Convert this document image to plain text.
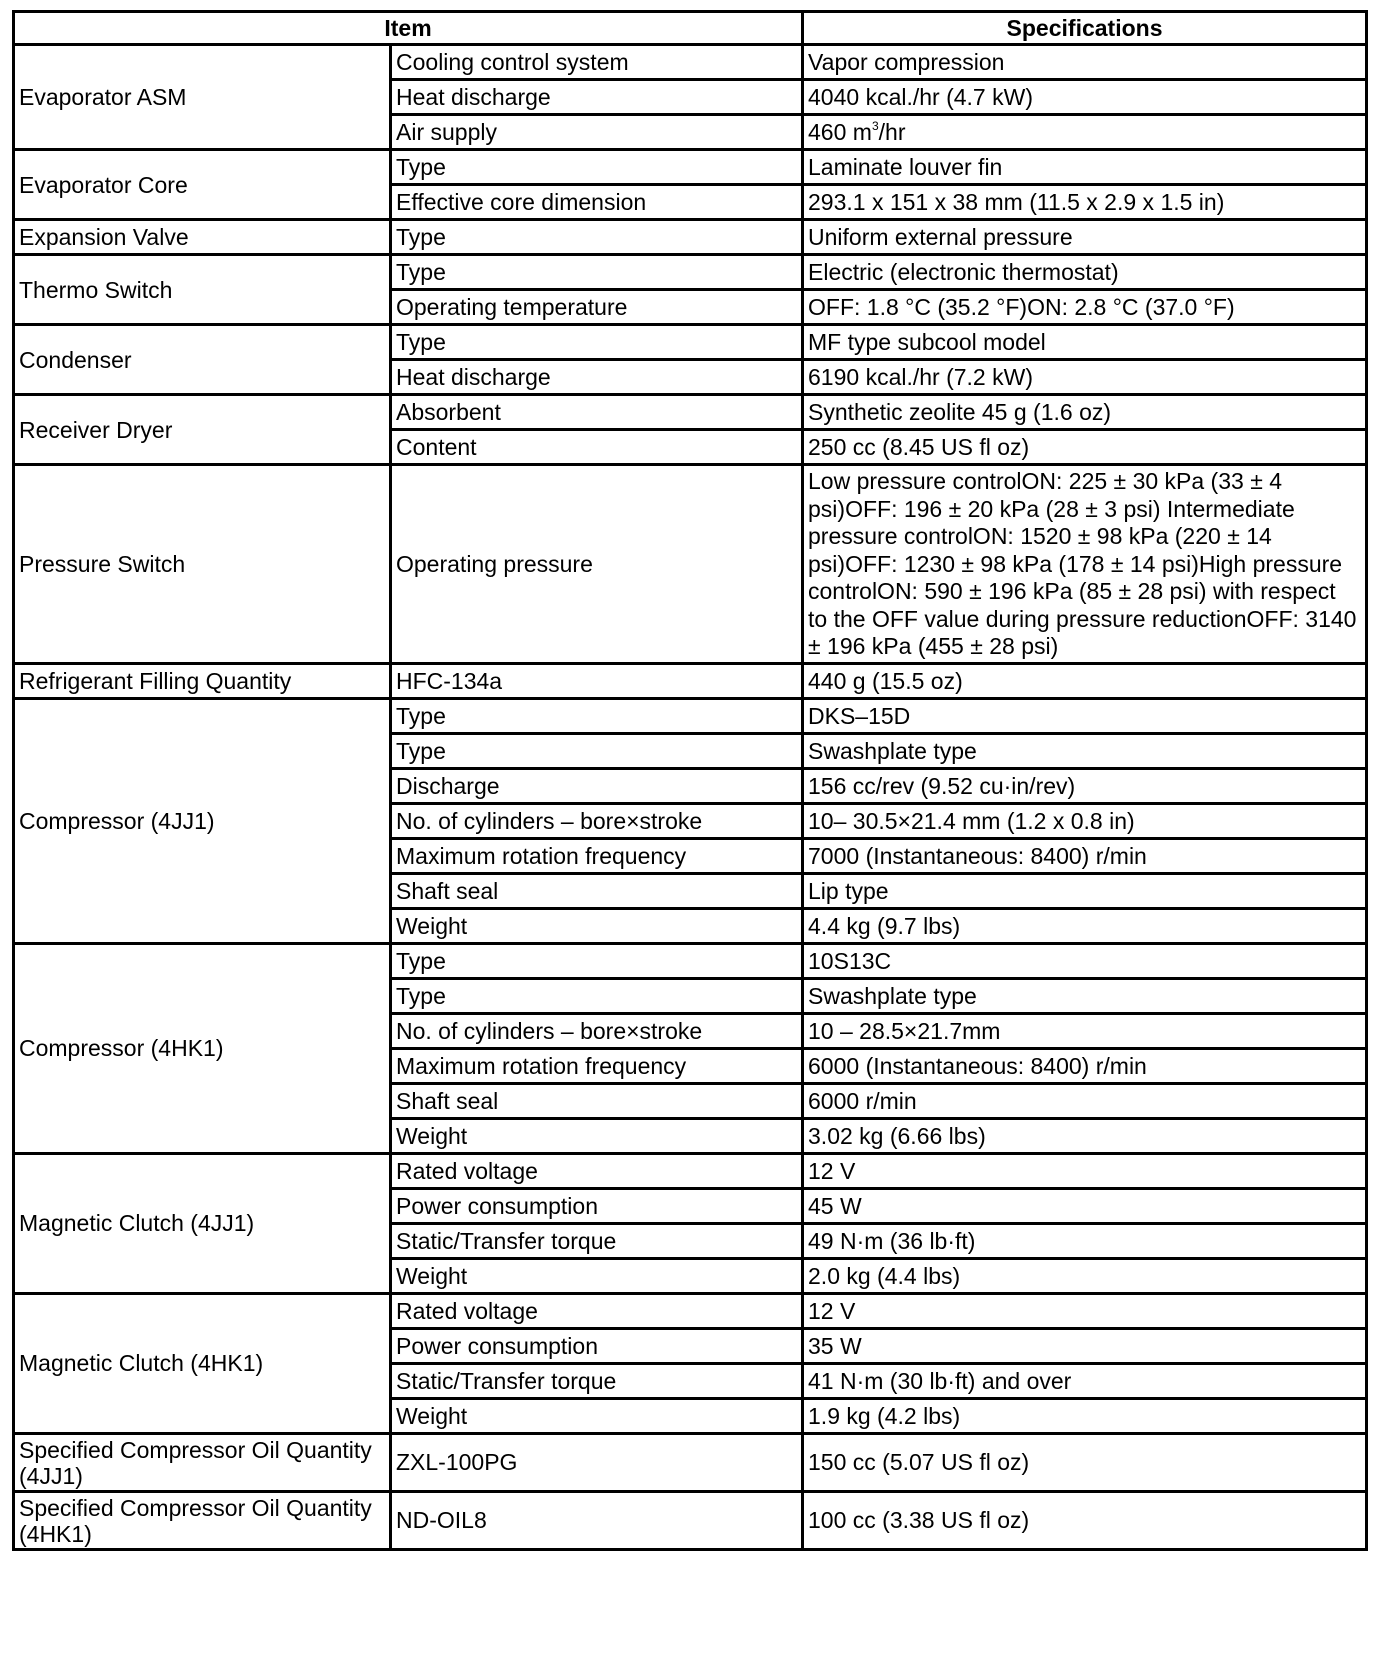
Item		Specifications
Evaporator ASM	Cooling control system	Vapor compression
	Heat discharge	4040 kcal./hr (4.7 kW)
	Air supply	460 $m^3/hr$
Evaporator Core	Type	Laminate louver fin
	Effective core dimension	293.1 x 151 x 38 mm (11.5 x 2.9 x 1.5 in)
Expansion Valve	Type	Uniform external pressure
Thermo Switch	Type	Electric (electronic thermostat)
	Operating temperature	OFF: 1.8 °C (35.2 °F)ON: 2.8 °C (37.0 °F)
Condenser	Type	MF type subcool model
	Heat discharge	6190 kcal./hr (7.2 kW)
Receiver Dryer	Absorbent	Synthetic zeolite 45 g (1.6 oz)
	Content	250 cc (8.45 US fl oz)
Pressure Switch	Operating pressure	Low pressure controlON: 225 ± 30 kPa (33 ± 4 psi)OFF: 196 ± 20 kPa (28 ± 3 psi) Intermediate pressure controlON: 1520 ± 98 kPa (220 ± 14 psi)OFF: 1230 ± 98 kPa (178 ± 14 psi)High pressure controlON: 590 ± 196 kPa (85 ± 28 psi) with respect to the OFF value during pressure reductionOFF: 3140 ± 196 kPa (455 ± 28 psi)
Refrigerant Filling Quantity	HFC-134a	440 g (15.5 oz)
Compressor (4JJ1)	Type	DKS–15D
	Type	Swashplate type
	Discharge	156 cc/rev (9.52 cu·in/rev)
	No. of cylinders – bore×stroke	10– 30.5×21.4 mm (1.2 x 0.8 in)
	Maximum rotation frequency	7000 (Instantaneous: 8400) r/min
	Shaft seal	Lip type
	Weight	4.4 kg (9.7 lbs)
Compressor (4HK1)	Type	10S13C
	Type	Swashplate type
	No. of cylinders – bore×stroke	10 – 28.5×21.7mm
	Maximum rotation frequency	6000 (Instantaneous: 8400) r/min
	Shaft seal	6000 r/min
	Weight	3.02 kg (6.66 lbs)
Magnetic Clutch (4JJ1)	Rated voltage	12 V
	Power consumption	45 W
	Static/Transfer torque	49 N·m (36 lb·ft)
	Weight	2.0 kg (4.4 lbs)
Magnetic Clutch (4HK1)	Rated voltage	12 V
	Power consumption	35 W
	Static/Transfer torque	41 N·m (30 lb·ft) and over
	Weight	1.9 kg (4.2 lbs)
Specified Compressor Oil Quantity (4JJ1)	ZXL-100PG	150 cc (5.07 US fl oz)
Specified Compressor Oil Quantity (4HK1)	ND-OIL8	100 cc (3.38 US fl oz)
